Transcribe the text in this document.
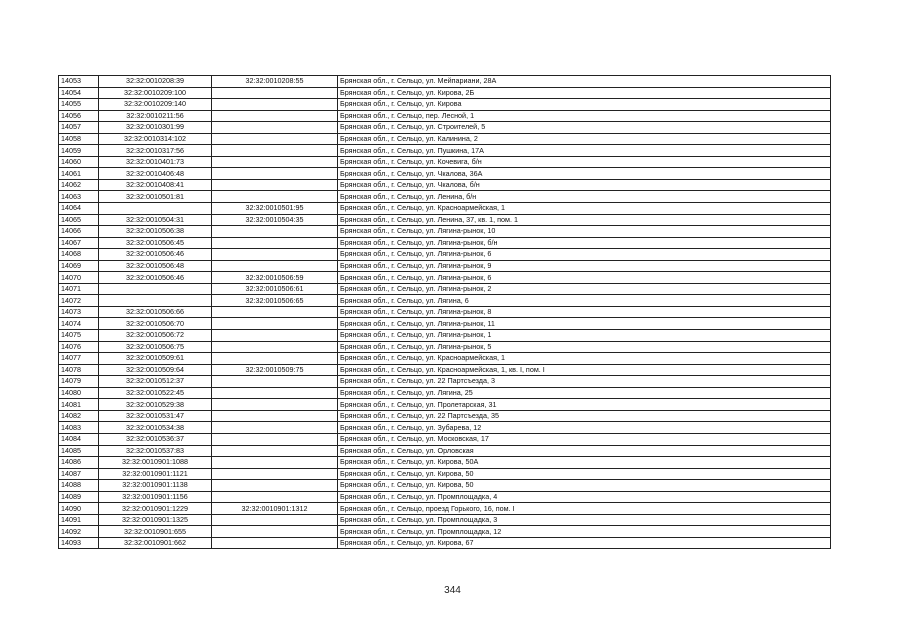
14053	32:32:0010208:39	32:32:0010208:55	Брянская обл., г. Сельцо, ул. Мейпариани, 28А
14054	32:32:0010209:100		Брянская обл., г. Сельцо, ул. Кирова, 2Б
14055	32:32:0010209:140		Брянская обл., г. Сельцо, ул. Кирова
14056	32:32:0010211:56		Брянская обл., г. Сельцо, пер. Лесной, 1
14057	32:32:0010301:99		Брянская обл., г. Сельцо, ул. Строителей, 5
14058	32:32:0010314:102		Брянская обл., г. Сельцо, ул. Калинина, 2
14059	32:32:0010317:56		Брянская обл., г. Сельцо, ул. Пушкина, 17А
14060	32:32:0010401:73		Брянская обл., г. Сельцо, ул. Кочевига, б/н
14061	32:32:0010406:48		Брянская обл., г. Сельцо, ул. Чкалова, 36А
14062	32:32:0010408:41		Брянская обл., г. Сельцо, ул. Чкалова, б/н
14063	32:32:0010501:81		Брянская обл., г. Сельцо, ул. Ленина, б/н
14064		32:32:0010501:95	Брянская обл., г. Сельцо, ул. Красноармейская, 1
14065	32:32:0010504:31	32:32:0010504:35	Брянская обл., г. Сельцо, ул. Ленина, 37, кв. 1, пом. 1
14066	32:32:0010506:38		Брянская обл., г. Сельцо, ул. Лягина-рынок, 10
14067	32:32:0010506:45		Брянская обл., г. Сельцо, ул. Лягина-рынок, б/н
14068	32:32:0010506:46		Брянская обл., г. Сельцо, ул. Лягина-рынок, 6
14069	32:32:0010506:48		Брянская обл., г. Сельцо, ул. Лягина-рынок, 9
14070	32:32:0010506:46	32:32:0010506:59	Брянская обл., г. Сельцо, ул. Лягина-рынок, 6
14071		32:32:0010506:61	Брянская обл., г. Сельцо, ул. Лягина-рынок, 2
14072		32:32:0010506:65	Брянская обл., г. Сельцо, ул. Лягина, 6
14073	32:32:0010506:66		Брянская обл., г. Сельцо, ул. Лягина-рынок, 8
14074	32:32:0010506:70		Брянская обл., г. Сельцо, ул. Лягина-рынок, 11
14075	32:32:0010506:72		Брянская обл., г. Сельцо, ул. Лягина-рынок, 1
14076	32:32:0010506:75		Брянская обл., г. Сельцо, ул. Лягина-рынок, 5
14077	32:32:0010509:61		Брянская обл., г. Сельцо, ул. Красноармейская, 1
14078	32:32:0010509:64	32:32:0010509:75	Брянская обл., г. Сельцо, ул. Красноармейская, 1, кв. I, пом. I
14079	32:32:0010512:37		Брянская обл., г. Сельцо, ул. 22 Партсъезда, 3
14080	32:32:0010522:45		Брянская обл., г. Сельцо, ул. Лягина, 25
14081	32:32:0010529:38		Брянская обл., г. Сельцо, ул. Пролетарская, 31
14082	32:32:0010531:47		Брянская обл., г. Сельцо, ул. 22 Партсъезда, 35
14083	32:32:0010534:38		Брянская обл., г. Сельцо, ул. Зубарева, 12
14084	32:32:0010536:37		Брянская обл., г. Сельцо, ул. Московская, 17
14085	32:32:0010537:83		Брянская обл., г. Сельцо, ул. Орловская
14086	32:32:0010901:1088		Брянская обл., г. Сельцо, ул. Кирова, 50А
14087	32:32:0010901:1121		Брянская обл., г. Сельцо, ул. Кирова, 50
14088	32:32:0010901:1138		Брянская обл., г. Сельцо, ул. Кирова, 50
14089	32:32:0010901:1156		Брянская обл., г. Сельцо, ул. Промплощадка, 4
14090	32:32:0010901:1229	32:32:0010901:1312	Брянская обл., г. Сельцо, проезд Горького, 16, пом. I
14091	32:32:0010901:1325		Брянская обл., г. Сельцо, ул. Промплощадка, 3
14092	32:32:0010901:655		Брянская обл., г. Сельцо, ул. Промплощадка, 12
14093	32:32:0010901:662		Брянская обл., г. Сельцо, ул. Кирова, 67
344
